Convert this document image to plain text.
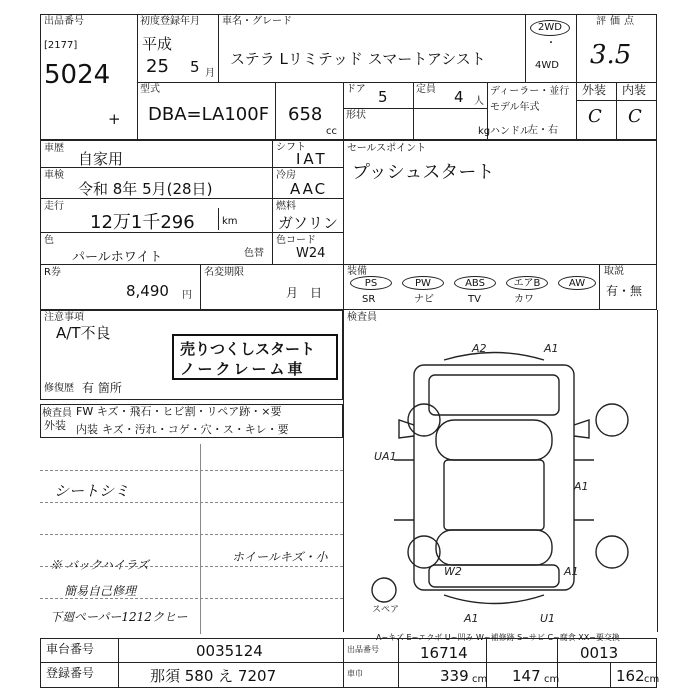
出品番号
[2177]
5024
+
初度登録年月
平成
25 5 月
車名・グレード
ステラ Lリミテッド スマートアシスト
2WD
・
4WD
型式
DBA=LA100F 658
cc
ドア 5	定員 4 人
形状
kg
ディーラー・並行
モデル年式
ハンドル
左・右
評価点
3.5
外装 内装
C C
車歴
自家用
車検
令和 8年 5月(28日)
走行
12万1千296	km
色
パールホワイト	色替
シフト
IAT
冷房
AAC
燃料
ガソリン
色コード
W24
R券
8,490 円
名変期限
月　日
セールスポイント
プッシュスタート
装備
PS	PW	ABS	エアB	AW
SR	ナビ	TV	カワ
取説
有・無
注意事項
A/T不良
売りつくしスタート
ノークレーム車
修復歴 有 箇所
検査員
外装
FW キズ・飛石・ヒビ割・リペア跡・×要
内装 キズ・汚れ・コゲ・穴・ス・キレ・要
シートシミ
※ バックハイラズ
簡易自己修理
下廻ペーパー1212クヒー
ホイールキズ・小
検査員
A2	A1
UA1
A1
W2	A1
A1	U1
スペア
A~キズ E~エクボ U~凹み W~補修跡 S~サビ C~腐食 XX~要交換
車台番号	0035124
登録番号	那須 580 え 7207
出品番号	16714	0013
車巾	339 cm 147 cm	162 cm
